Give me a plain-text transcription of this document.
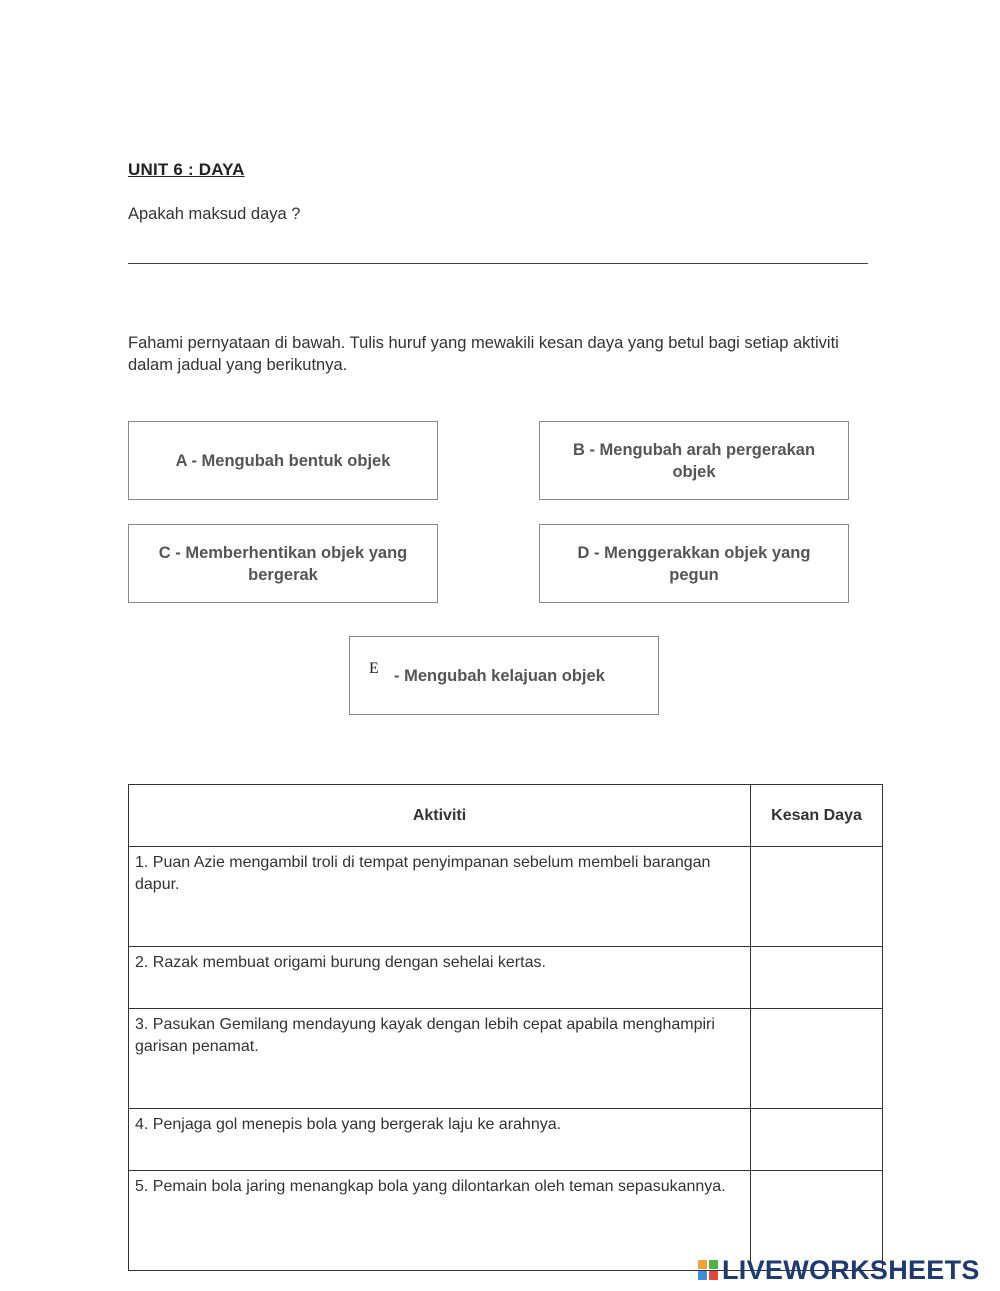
UNIT 6 : DAYA
Apakah maksud daya ?
Fahami pernyataan di bawah. Tulis huruf yang mewakili kesan daya yang betul bagi setiap aktiviti dalam jadual yang berikutnya.
A - Mengubah bentuk objek
B - Mengubah arah pergerakan
objek
C - Memberhentikan objek yang
bergerak
D - Menggerakkan objek yang
pegun
E - Mengubah kelajuan objek
Aktiviti	Kesan Daya
1. Puan Azie mengambil troli di tempat penyimpanan sebelum membeli barangan dapur.	
2. Razak membuat origami burung dengan sehelai kertas.	
3. Pasukan Gemilang mendayung kayak dengan lebih cepat apabila menghampiri garisan penamat.	
4. Penjaga gol menepis bola yang bergerak laju ke arahnya.	
5. Pemain bola jaring menangkap bola yang dilontarkan oleh teman sepasukannya.	
LIVEWORKSHEETS
